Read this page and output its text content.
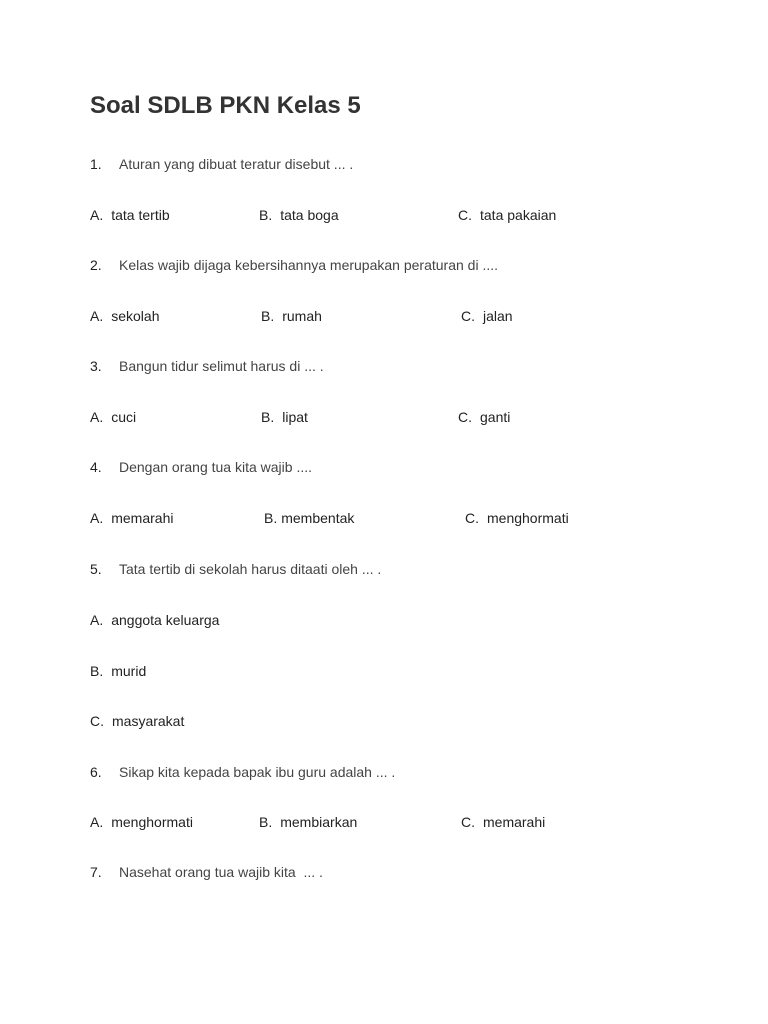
Soal SDLB PKN Kelas 5
1. Aturan yang dibuat teratur disebut ... .
A. tata tertib	B. tata boga	C. tata pakaian
2. Kelas wajib dijaga kebersihannya merupakan peraturan di ....
A. sekolah	B. rumah	C. jalan
3. Bangun tidur selimut harus di ... .
A. cuci	B. lipat	C. ganti
4. Dengan orang tua kita wajib ....
A. memarahi	B. membentak	C. menghormati
5. Tata tertib di sekolah harus ditaati oleh ... .
A. anggota keluarga
B. murid
C. masyarakat
6. Sikap kita kepada bapak ibu guru adalah ... .
A. menghormati	B. membiarkan	C. memarahi
7. Nasehat orang tua wajib kita  ... .
